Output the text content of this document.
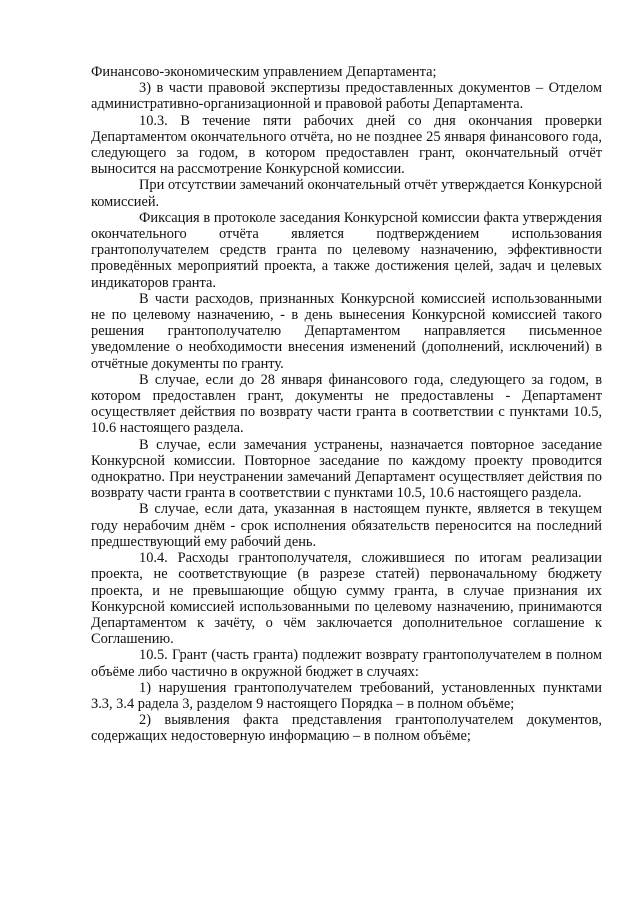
Финансово-экономическим управлением Департамента;

3) в части правовой экспертизы предоставленных документов – Отделом административно-организационной и правовой работы Департамента.

10.3. В течение пяти рабочих дней со дня окончания проверки Департаментом окончательного отчёта, но не позднее 25 января финансового года, следующего за годом, в котором предоставлен грант, окончательный отчёт выносится на рассмотрение Конкурсной комиссии.

При отсутствии замечаний окончательный отчёт утверждается Конкурсной комиссией.

Фиксация в протоколе заседания Конкурсной комиссии факта утверждения окончательного отчёта является подтверждением использования грантополучателем средств гранта по целевому назначению, эффективности проведённых мероприятий проекта, а также достижения целей, задач и целевых индикаторов гранта.

В части расходов, признанных Конкурсной комиссией использованными не по целевому назначению, - в день вынесения Конкурсной комиссией такого решения грантополучателю Департаментом направляется письменное уведомление о необходимости внесения изменений (дополнений, исключений) в отчётные документы по гранту.

В случае, если до 28 января финансового года, следующего за годом, в котором предоставлен грант, документы не предоставлены - Департамент осуществляет действия по возврату части гранта в соответствии с пунктами 10.5, 10.6 настоящего раздела.

В случае, если замечания устранены, назначается повторное заседание Конкурсной комиссии. Повторное заседание по каждому проекту проводится однократно. При неустранении замечаний Департамент осуществляет действия по возврату части гранта в соответствии с пунктами 10.5, 10.6 настоящего раздела.

В случае, если дата, указанная в настоящем пункте, является в текущем году нерабочим днём - срок исполнения обязательств переносится на последний предшествующий ему рабочий день.

10.4. Расходы грантополучателя, сложившиеся по итогам реализации проекта, не соответствующие (в разрезе статей) первоначальному бюджету проекта, и не превышающие общую сумму гранта, в случае признания их Конкурсной комиссией использованными по целевому назначению, принимаются Департаментом к зачёту, о чём заключается дополнительное соглашение к Соглашению.

10.5. Грант (часть гранта) подлежит возврату грантополучателем в полном объёме либо частично в окружной бюджет в случаях:

1) нарушения грантополучателем требований, установленных пунктами 3.3, 3.4 радела 3, разделом 9 настоящего Порядка – в полном объёме;

2) выявления факта представления грантополучателем документов, содержащих недостоверную информацию – в полном объёме;
